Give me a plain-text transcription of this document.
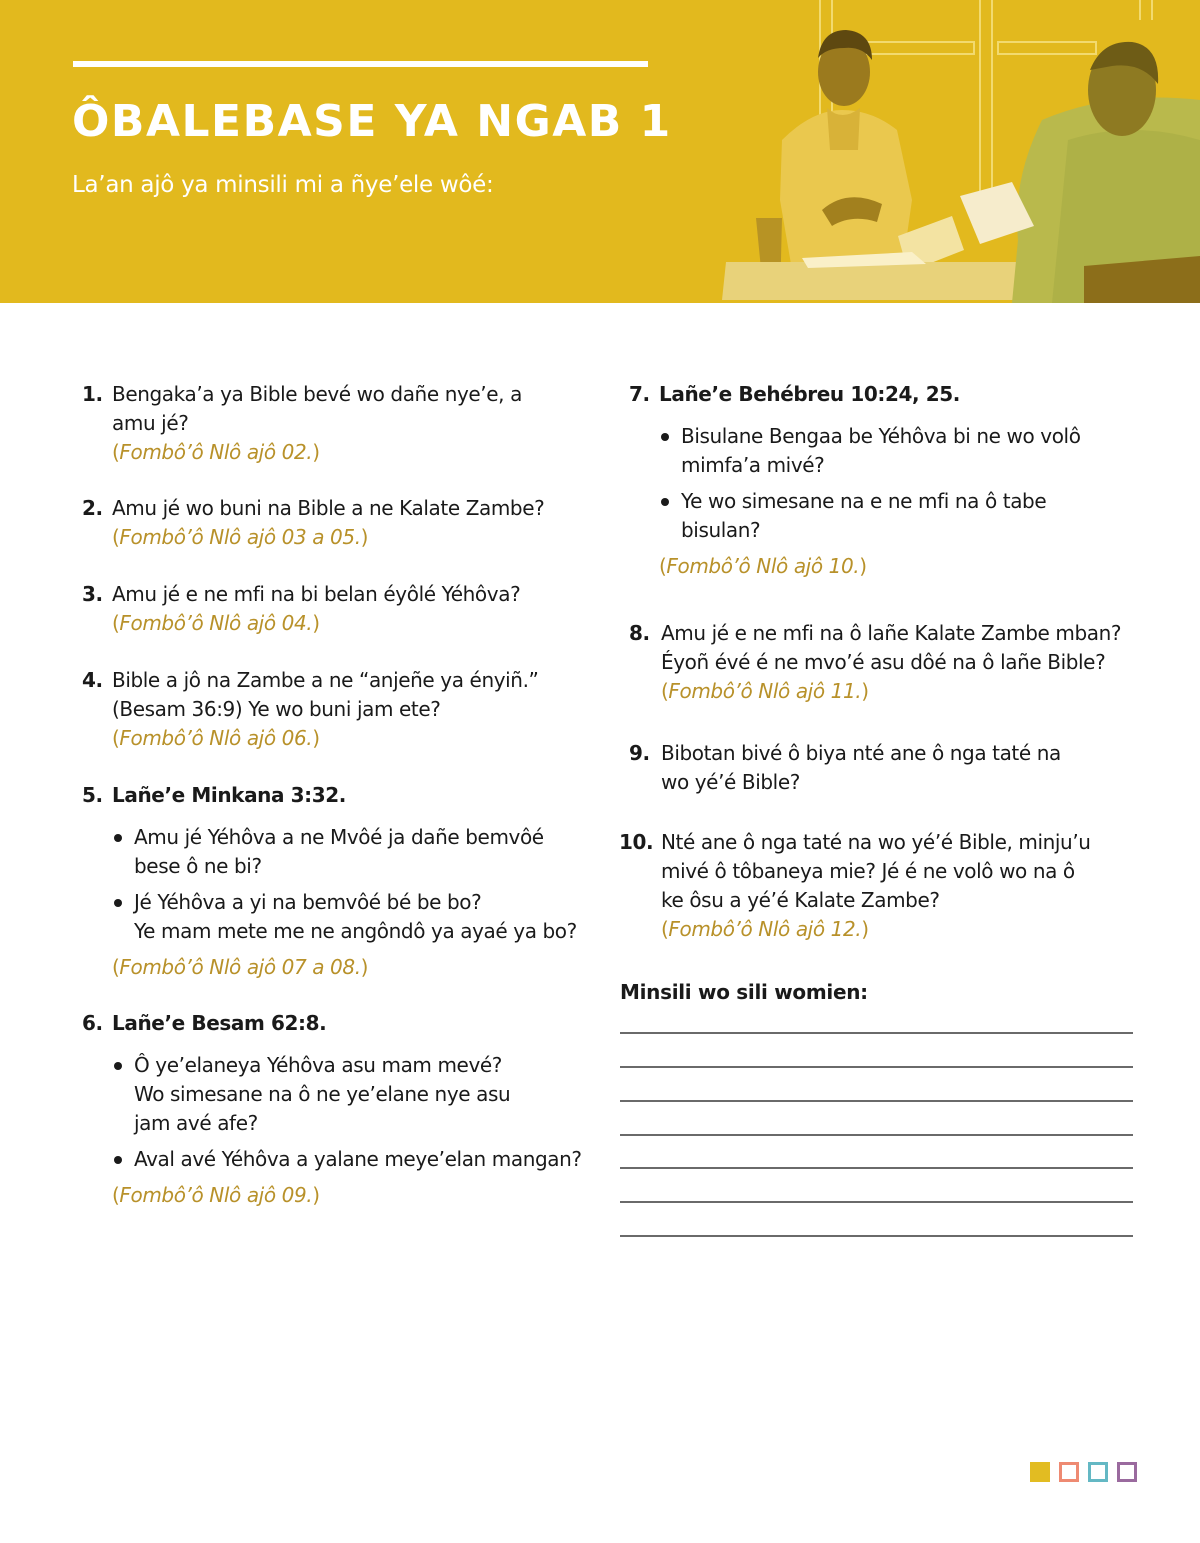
ÔBALEBASE YA NGAB 1
La’an ajô ya minsili mi a ñye’ele wôé:
1. Bengaka’a ya Bible bevé wo dañe nye’e, a
amu jé?
(Fombô’ô Nlô ajô 02.)
2. Amu jé wo buni na Bible a ne Kalate Zambe?
(Fombô’ô Nlô ajô 03 a 05.)
3. Amu jé e ne mfi na bi belan éyôlé Yéhôva?
(Fombô’ô Nlô ajô 04.)
4. Bible a jô na Zambe a ne “anjeñe ya ényiñ.”
(Besam 36:9) Ye wo buni jam ete?
(Fombô’ô Nlô ajô 06.)
5. Lañe’e Minkana 3:32.
Amu jé Yéhôva a ne Mvôé ja dañe bemvôé
bese ô ne bi?
Jé Yéhôva a yi na bemvôé bé be bo?
Ye mam mete me ne angôndô ya ayaé ya bo?
(Fombô’ô Nlô ajô 07 a 08.)
6. Lañe’e Besam 62:8.
Ô ye’elaneya Yéhôva asu mam mevé?
Wo simesane na ô ne ye’elane nye asu
jam avé afe?
Aval avé Yéhôva a yalane meye’elan mangan?
(Fombô’ô Nlô ajô 09.)
7. Lañe’e Behébreu 10:24, 25.
Bisulane Bengaa be Yéhôva bi ne wo volô
mimfa’a mivé?
Ye wo simesane na e ne mfi na ô tabe
bisulan?
(Fombô’ô Nlô ajô 10.)
8. Amu jé e ne mfi na ô lañe Kalate Zambe mban?
Éyoñ évé é ne mvo’é asu dôé na ô lañe Bible?
(Fombô’ô Nlô ajô 11.)
9. Bibotan bivé ô biya nté ane ô nga taté na
wo yé’é Bible?
10. Nté ane ô nga taté na wo yé’é Bible, minju’u
mivé ô tôbaneya mie? Jé é ne volô wo na ô
ke ôsu a yé’é Kalate Zambe?
(Fombô’ô Nlô ajô 12.)
Minsili wo sili womien:
